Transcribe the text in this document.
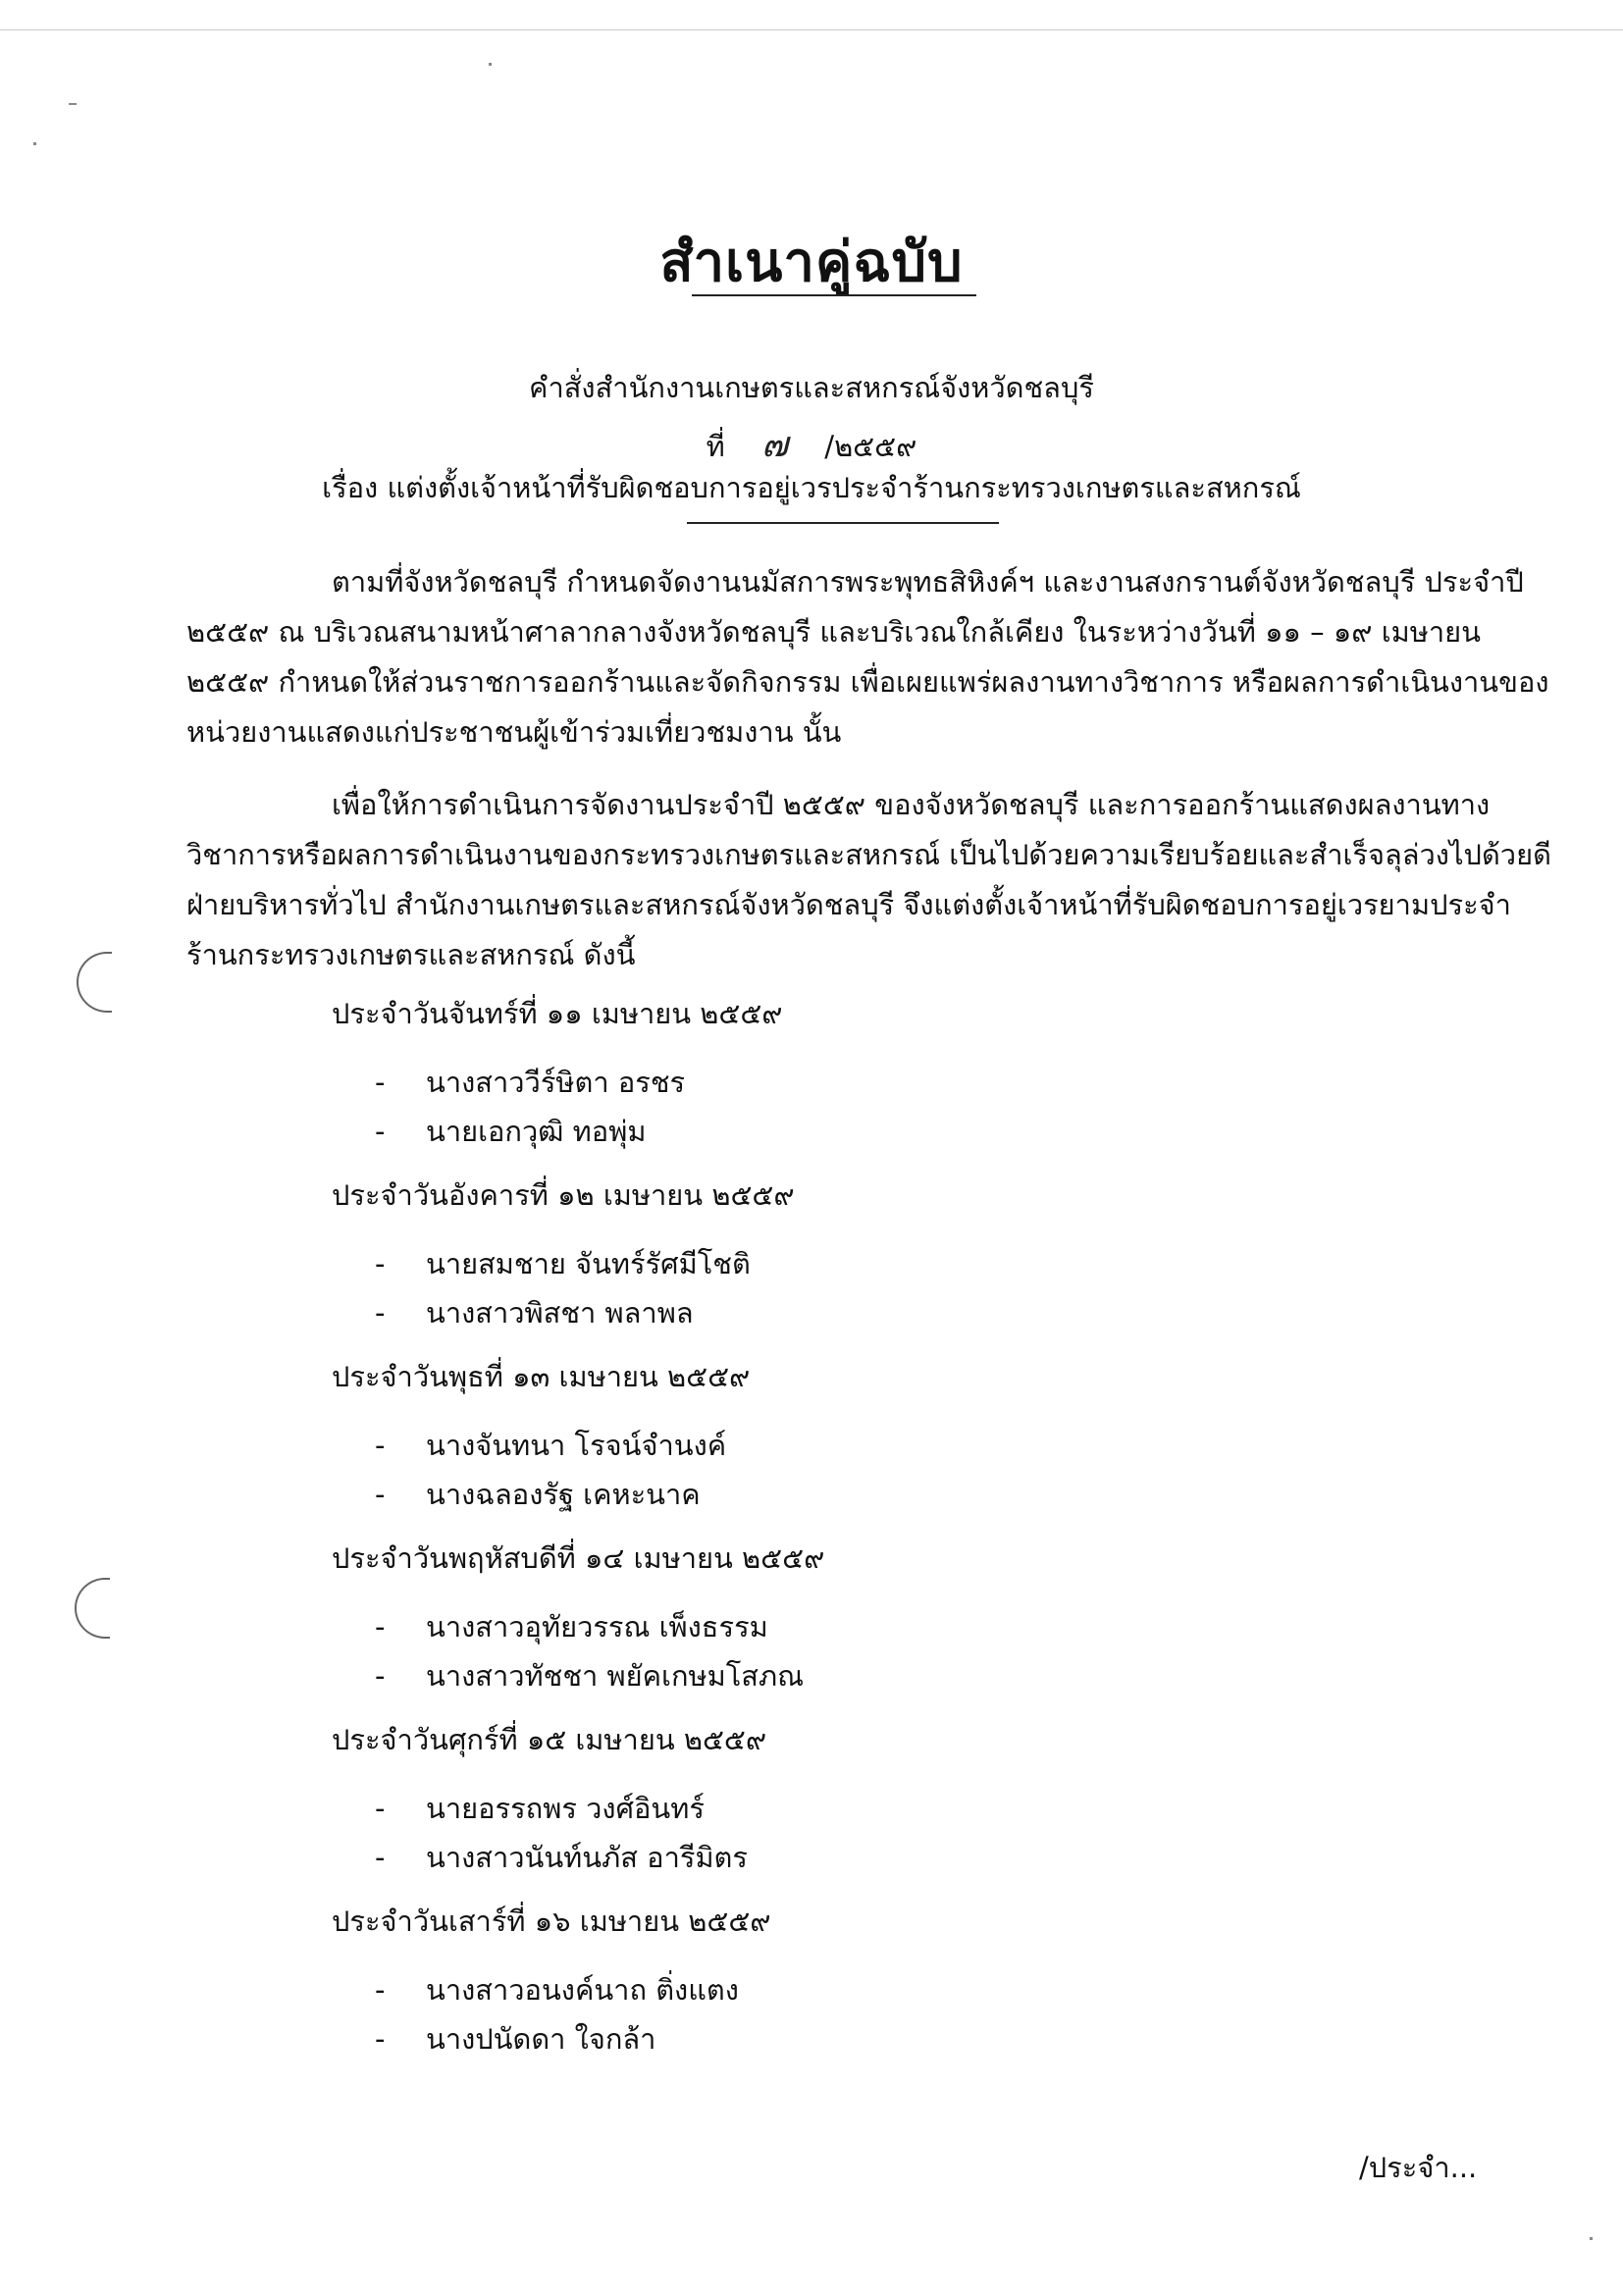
สำเนาคู่ฉบับ
คำสั่งสำนักงานเกษตรและสหกรณ์จังหวัดชลบุรี
ที่ ๗ /๒๕๕๙
เรื่อง แต่งตั้งเจ้าหน้าที่รับผิดชอบการอยู่เวรประจำร้านกระทรวงเกษตรและสหกรณ์
ตามที่จังหวัดชลบุรี กำหนดจัดงานนมัสการพระพุทธสิหิงค์ฯ และงานสงกรานต์จังหวัดชลบุรี ประจำปี
๒๕๕๙ ณ บริเวณสนามหน้าศาลากลางจังหวัดชลบุรี และบริเวณใกล้เคียง ในระหว่างวันที่ ๑๑ – ๑๙ เมษายน
๒๕๕๙ กำหนดให้ส่วนราชการออกร้านและจัดกิจกรรม เพื่อเผยแพร่ผลงานทางวิชาการ หรือผลการดำเนินงานของ
หน่วยงานแสดงแก่ประชาชนผู้เข้าร่วมเที่ยวชมงาน นั้น
เพื่อให้การดำเนินการจัดงานประจำปี ๒๕๕๙ ของจังหวัดชลบุรี และการออกร้านแสดงผลงานทาง
วิชาการหรือผลการดำเนินงานของกระทรวงเกษตรและสหกรณ์ เป็นไปด้วยความเรียบร้อยและสำเร็จลุล่วงไปด้วยดี
ฝ่ายบริหารทั่วไป สำนักงานเกษตรและสหกรณ์จังหวัดชลบุรี จึงแต่งตั้งเจ้าหน้าที่รับผิดชอบการอยู่เวรยามประจำ
ร้านกระทรวงเกษตรและสหกรณ์ ดังนี้
ประจำวันจันทร์ที่ ๑๑ เมษายน ๒๕๕๙
- นางสาววีร์ษิตา อรชร
- นายเอกวุฒิ ทอพุ่ม
ประจำวันอังคารที่ ๑๒ เมษายน ๒๕๕๙
- นายสมชาย จันทร์รัศมีโชติ
- นางสาวพิสชา พลาพล
ประจำวันพุธที่ ๑๓ เมษายน ๒๕๕๙
- นางจันทนา โรจน์จำนงค์
- นางฉลองรัฐ เคหะนาค
ประจำวันพฤหัสบดีที่ ๑๔ เมษายน ๒๕๕๙
- นางสาวอุทัยวรรณ เพ็งธรรม
- นางสาวทัชชา พยัคเกษมโสภณ
ประจำวันศุกร์ที่ ๑๕ เมษายน ๒๕๕๙
- นายอรรถพร วงศ์อินทร์
- นางสาวนันท์นภัส อารีมิตร
ประจำวันเสาร์ที่ ๑๖ เมษายน ๒๕๕๙
- นางสาวอนงค์นาถ ติ่งแตง
- นางปนัดดา ใจกล้า
/ประจำ...
